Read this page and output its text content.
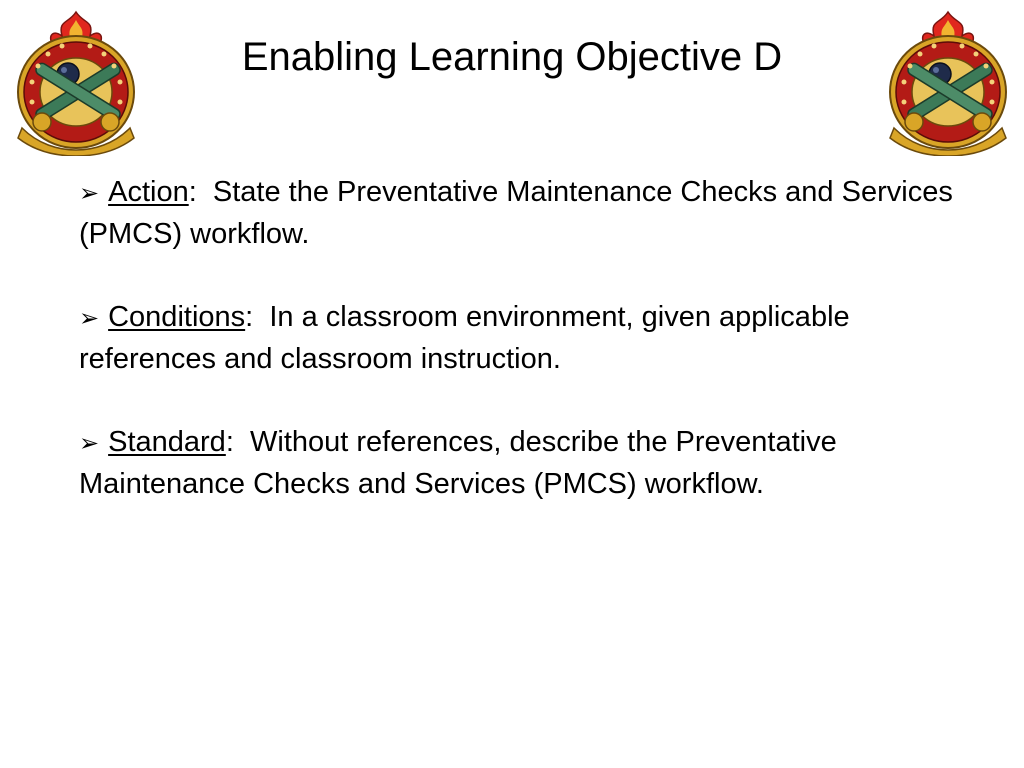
Enabling Learning Objective D
➢ Action: State the Preventative Maintenance Checks and Services (PMCS) workflow.
➢ Conditions: In a classroom environment, given applicable references and classroom instruction.
➢ Standard: Without references, describe the Preventative Maintenance Checks and Services (PMCS) workflow.
